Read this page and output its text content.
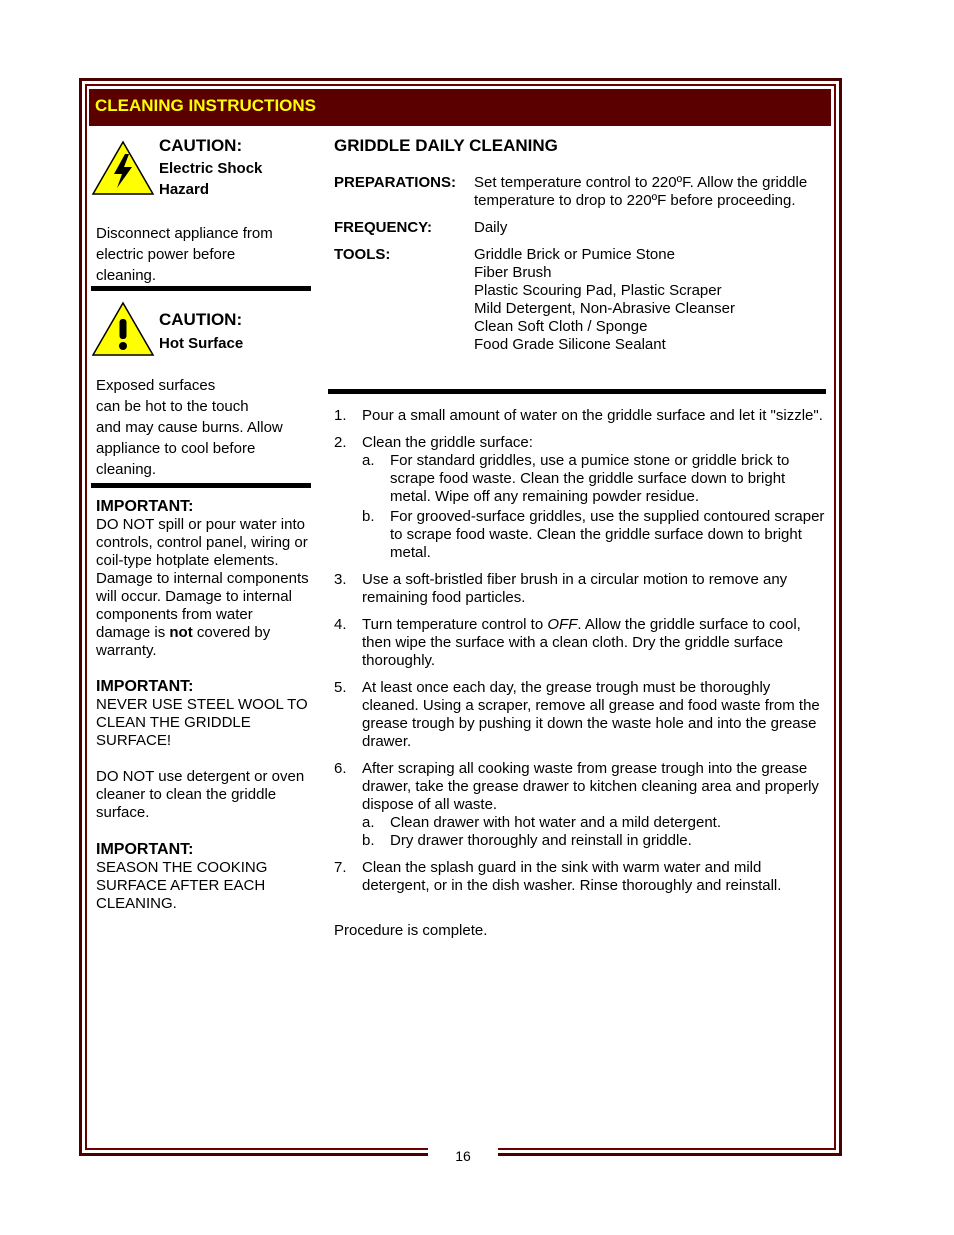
16
CLEANING INSTRUCTIONS
CAUTION:
Electric Shock
Hazard
Disconnect appliance from
electric power before
cleaning.
CAUTION:
Hot Surface
Exposed surfaces
can be hot to the touch
and may cause burns. Allow
appliance to cool before
cleaning.
IMPORTANT:

DO NOT spill or pour water into controls, control panel, wiring or coil-type hotplate elements. Damage to internal components will occur. Damage to internal components from water damage is not covered by warranty.

IMPORTANT:

NEVER USE STEEL WOOL TO CLEAN THE GRIDDLE SURFACE!

DO NOT use detergent or oven cleaner to clean the griddle surface.

IMPORTANT:

SEASON THE COOKING SURFACE AFTER EACH CLEANING.

GRIDDLE DAILY CLEANING
PREPARATIONS:	Set temperature control to 220ºF. Allow the griddle temperature to drop to 220ºF before proceeding.
FREQUENCY:	Daily
TOOLS:	Griddle Brick or Pumice Stone
Fiber Brush
Plastic Scouring Pad, Plastic Scraper
Mild Detergent, Non-Abrasive Cleanser
Clean Soft Cloth / Sponge
Food Grade Silicone Sealant
1.	Pour a small amount of water on the griddle surface and let it "sizzle".
2.	Clean the griddle surface:
a.	For standard griddles, use a pumice stone or griddle brick to scrape food waste. Clean the griddle surface down to bright metal. Wipe off any remaining powder residue.
b.	For grooved-surface griddles, use the supplied contoured scraper to scrape food waste. Clean the griddle surface down to bright metal.
3.	Use a soft-bristled fiber brush in a circular motion to remove any remaining food particles.
4.	Turn temperature control to OFF. Allow the griddle surface to cool, then wipe the surface with a clean cloth. Dry the griddle surface thoroughly.
5.	At least once each day, the grease trough must be thoroughly cleaned. Using a scraper, remove all grease and food waste from the grease trough by pushing it down the waste hole and into the grease drawer.
6.	After scraping all cooking waste from grease trough into the grease drawer, take the grease drawer to kitchen cleaning area and properly dispose of all waste.
a.	Clean drawer with hot water and a mild detergent.
b.	Dry drawer thoroughly and reinstall in griddle.
7.	Clean the splash guard in the sink with warm water and mild detergent, or in the dish washer. Rinse thoroughly and reinstall.
Procedure is complete.
